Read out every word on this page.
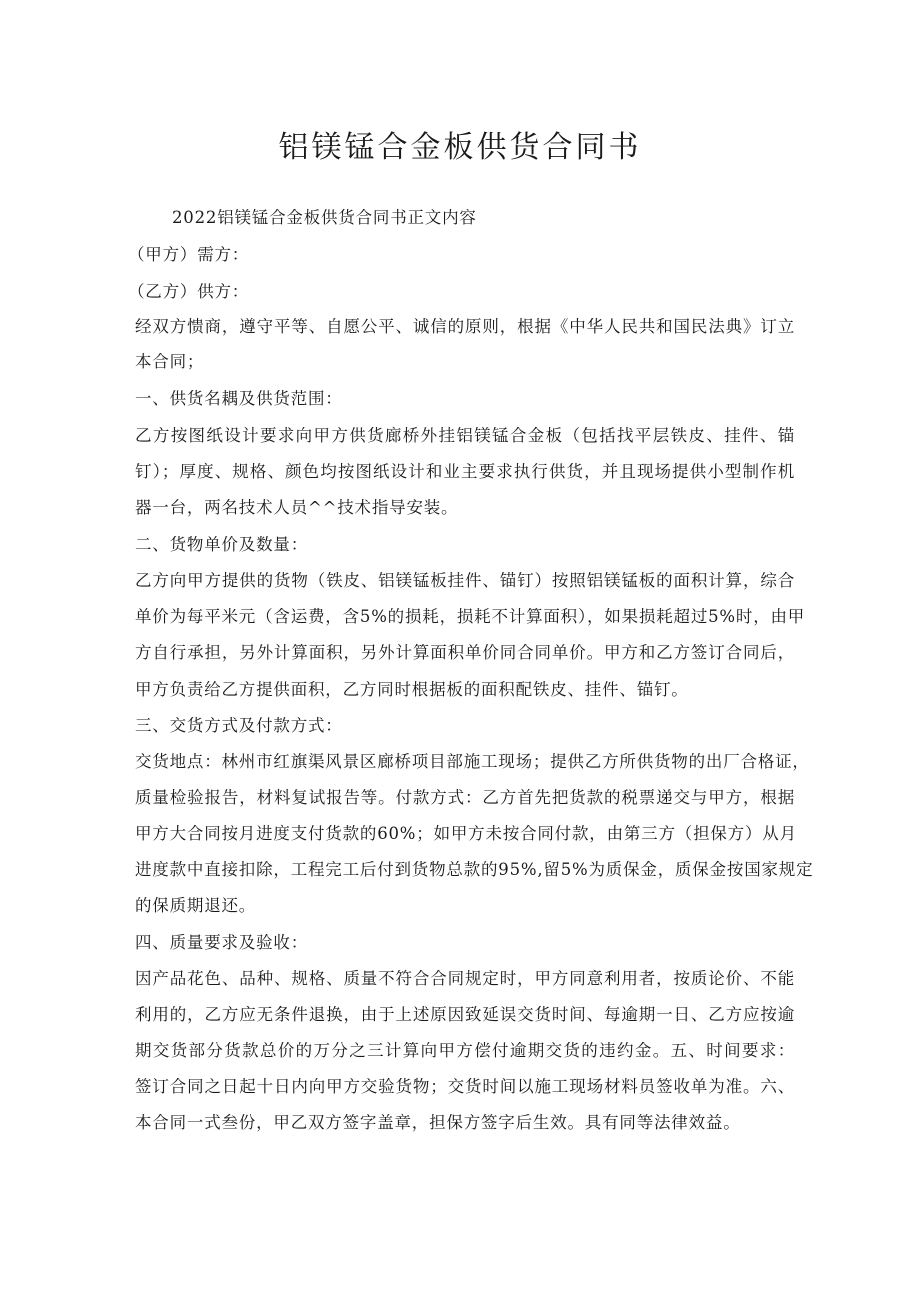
铝镁锰合金板供货合同书
2022铝镁锰合金板供货合同书正文内容
（甲方）需方：
（乙方）供方：
经双方愦商，遵守平等、自愿公平、诚信的原则，根据《中华人民共和国民法典》订立
本合同；
一、供货名耦及供货范围：
乙方按图纸设计要求向甲方供货廊桥外挂铝镁锰合金板（包括找平层铁皮、挂件、锚
钉）；厚度、规格、颜色均按图纸设计和业主要求执行供货，并且现场提供小型制作机
器一台，两名技术人员^^技术指导安装。
二、货物单价及数量：
乙方向甲方提供的货物（铁皮、铝镁锰板挂件、锚钉）按照铝镁锰板的面积计算，综合
单价为每平米元（含运费，含5%的损耗，损耗不计算面积），如果损耗超过5%时，由甲
方自行承担，另外计算面积，另外计算面积单价同合同单价。甲方和乙方签订合同后，
甲方负责给乙方提供面积，乙方同时根据板的面积配铁皮、挂件、锚钉。
三、交货方式及付款方式：
交货地点：林州市红旗渠风景区廊桥项目部施工现场；提供乙方所供货物的出厂合格证，
质量检验报告，材料复试报告等。付款方式：乙方首先把货款的税票递交与甲方，根据
甲方大合同按月进度支付货款的60%；如甲方未按合同付款，由第三方（担保方）从月
进度款中直接扣除，工程完工后付到货物总款的95%,留5%为质保金，质保金按国家规定
的保质期退还。
四、质量要求及验收：
因产品花色、品种、规格、质量不符合合同规定时，甲方同意利用者，按质论价、不能
利用的，乙方应无条件退换，由于上述原因致延误交货时间、每逾期一日、乙方应按逾
期交货部分货款总价的万分之三计算向甲方偿付逾期交货的违约金。五、时间要求：
签订合同之日起十日内向甲方交验货物；交货时间以施工现场材料员签收单为准。六、
本合同一式叁份，甲乙双方签字盖章，担保方签字后生效。具有同等法律效益。
